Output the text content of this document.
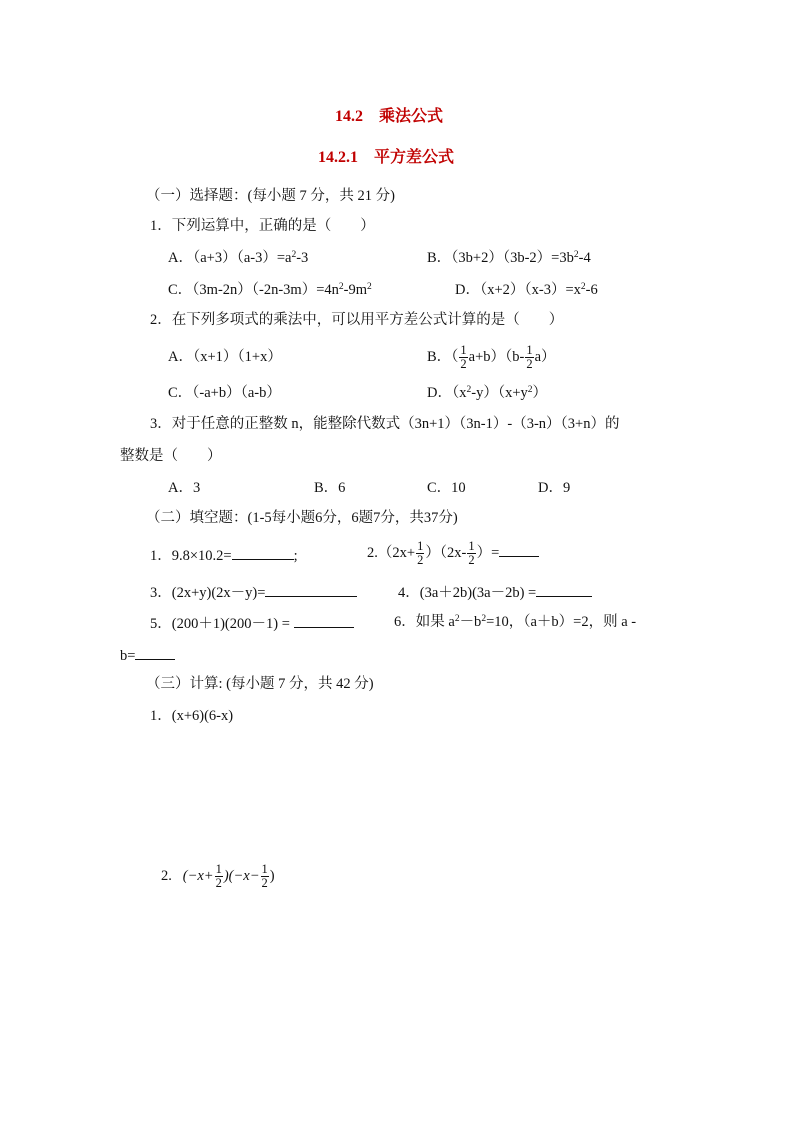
14.2　乘法公式
14.2.1　平方差公式
（一）选择题：(每小题 7 分，共 21 分)
1．下列运算中，正确的是（　　）
A．$(a+3)(a-3)=a^2-3$	B．$(3b+2)(3b-2)=3b^2-4$
C．$(3m-2n)(-2n-3m)=4n^2-9m^2$	D．$(x+2)(x-3)=x^2-6$
2．在下列多项式的乘法中，可以用平方差公式计算的是（　　）
A．（x+1）（1+x）	B．（ $\frac{1}{2} a+b)(b- \frac{1}{2} a)$
C．（-a+b）（a-b）	D．$(x^2-y)(x+y^2)$
3．对于任意的正整数 n，能整除代数式（3n+1）（3n-1）-（3-n）（3+n）的
整数是（　　）
A．3	B．6	C．10	D．9
（二）填空题：(1-5每小题6分，6题7分，共37分)
1．9.8×10.2=	;	$2.(2x+ \frac{1}{2} )(2x- \frac{1}{2}$ ）=
3．(2x+y)(2x－y)=	4．(3a＋2b)(3a－2b) =
5．(200＋1)(200－1) =	6．如果 $a^2-b^2=10$，（a＋b）=2，则 a -
b=
（三）计算: (每小题 7 分，共 42 分)
1．(x+6)(6-x)
2. $(-x+ \frac{1}{2} )(-x- \frac{1}{2}$ )
